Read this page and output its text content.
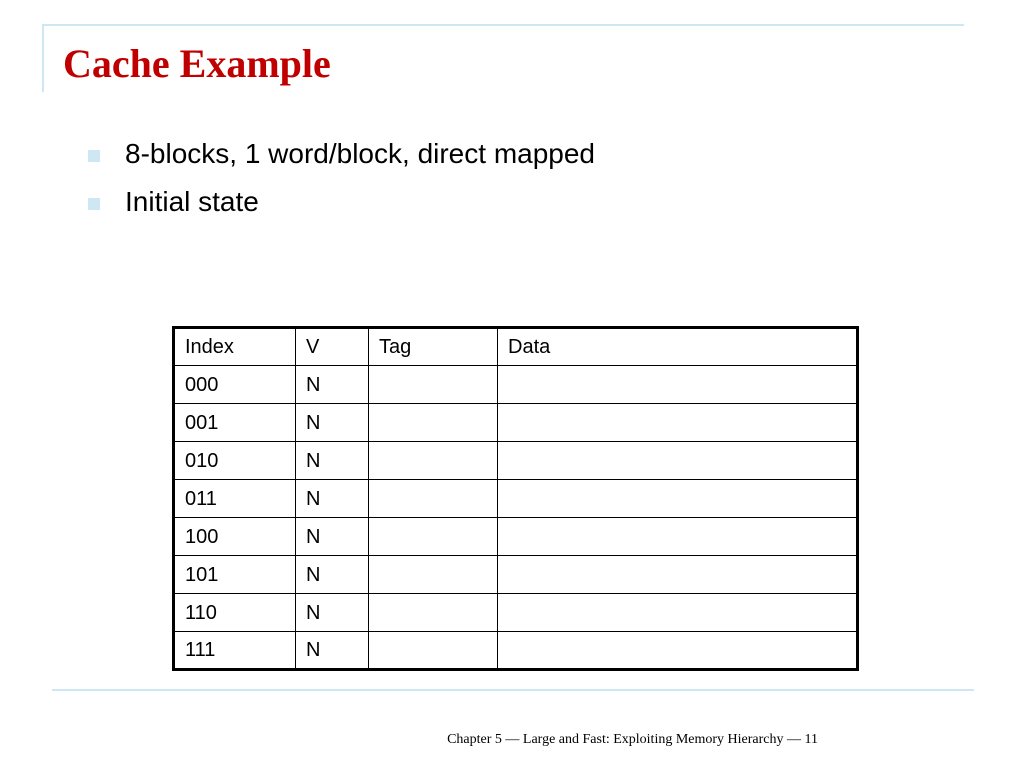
Cache Example
8-blocks, 1 word/block, direct mapped
Initial state
Index	V	Tag	Data
000	N		
001	N		
010	N		
011	N		
100	N		
101	N		
110	N		
111	N		
Chapter 5 — Large and Fast: Exploiting Memory Hierarchy — 11
